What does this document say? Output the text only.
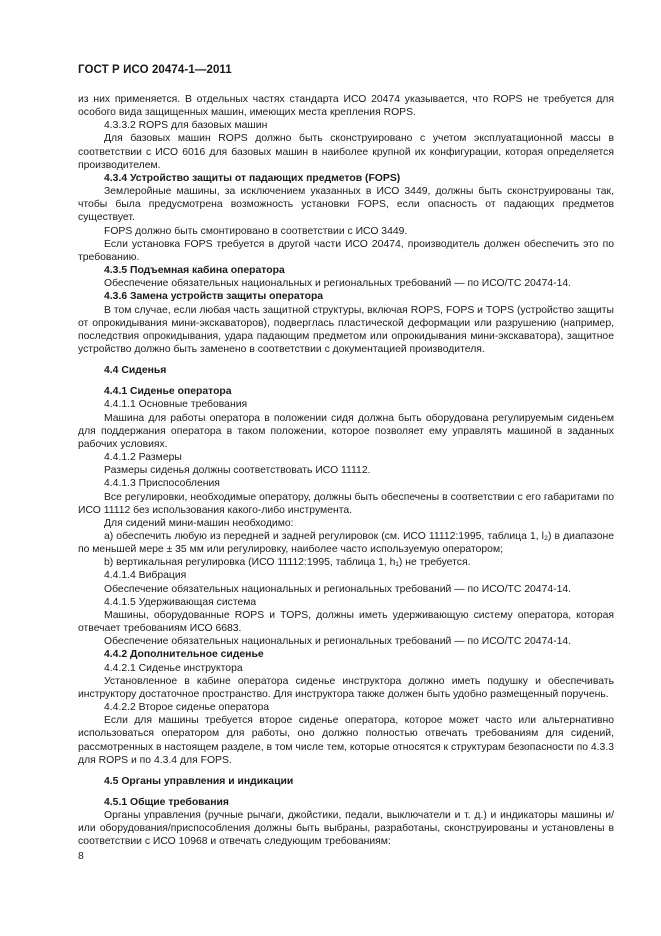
ГОСТ Р ИСО 20474-1—2011

из них применяется. В отдельных частях стандарта ИСО 20474 указывается, что ROPS не требуется для особого вида защищенных машин, имеющих места крепления ROPS.

4.3.3.2 ROPS для базовых машин

Для базовых машин ROPS должно быть сконструировано с учетом эксплуатационной массы в соответствии с ИСО 6016 для базовых машин в наиболее крупной их конфигурации, которая определяется производителем.

4.3.4 Устройство защиты от падающих предметов (FOPS)

Землеройные машины, за исключением указанных в ИСО 3449, должны быть сконструированы так, чтобы была предусмотрена возможность установки FOPS, если опасность от падающих предметов существует.

FOPS должно быть смонтировано в соответствии с ИСО 3449.

Если установка FOPS требуется в другой части ИСО 20474, производитель должен обеспечить это по требованию.

4.3.5 Подъемная кабина оператора

Обеспечение обязательных национальных и региональных требований — по ИСО/ТС 20474-14.

4.3.6 Замена устройств защиты оператора

В том случае, если любая часть защитной структуры, включая ROPS, FOPS и TOPS (устройство защиты от опрокидывания мини-экскаваторов), подверглась пластической деформации или разрушению (например, последствия опрокидывания, удара падающим предметом или опрокидывания мини-экскаватора), защитное устройство должно быть заменено в соответствии с документацией производителя.

4.4 Сиденья

4.4.1 Сиденье оператора

4.4.1.1 Основные требования

Машина для работы оператора в положении сидя должна быть оборудована регулируемым сиденьем для поддержания оператора в таком положении, которое позволяет ему управлять машиной в заданных рабочих условиях.

4.4.1.2 Размеры

Размеры сиденья должны соответствовать ИСО 11112.

4.4.1.3 Приспособления

Все регулировки, необходимые оператору, должны быть обеспечены в соответствии с его габаритами по ИСО 11112 без использования какого-либо инструмента.

Для сидений мини-машин необходимо:

а) обеспечить любую из передней и задней регулировок (см. ИСО 11112:1995, таблица 1, l₂) в диапазоне по меньшей мере ± 35 мм или регулировку, наиболее часто используемую оператором;

b) вертикальная регулировка (ИСО 11112:1995, таблица 1, h₁) не требуется.

4.4.1.4 Вибрация

Обеспечение обязательных национальных и региональных требований — по ИСО/ТС 20474-14.

4.4.1.5 Удерживающая система

Машины, оборудованные ROPS и TOPS, должны иметь удерживающую систему оператора, которая отвечает требованиям ИСО 6683.

Обеспечение обязательных национальных и региональных требований — по ИСО/ТС 20474-14.

4.4.2 Дополнительное сиденье

4.4.2.1 Сиденье инструктора

Установленное в кабине оператора сиденье инструктора должно иметь подушку и обеспечивать инструктору достаточное пространство. Для инструктора также должен быть удобно размещенный поручень.

4.4.2.2 Второе сиденье оператора

Если для машины требуется второе сиденье оператора, которое может часто или альтернативно использоваться оператором для работы, оно должно полностью отвечать требованиям для сидений, рассмотренных в настоящем разделе, в том числе тем, которые относятся к структурам безопасности по 4.3.3 для ROPS и по 4.3.4 для FOPS.

4.5 Органы управления и индикации

4.5.1 Общие требования

Органы управления (ручные рычаги, джойстики, педали, выключатели и т. д.) и индикаторы машины и/или оборудования/приспособления должны быть выбраны, разработаны, сконструированы и установлены в соответствии с ИСО 10968 и отвечать следующим требованиям:

8
